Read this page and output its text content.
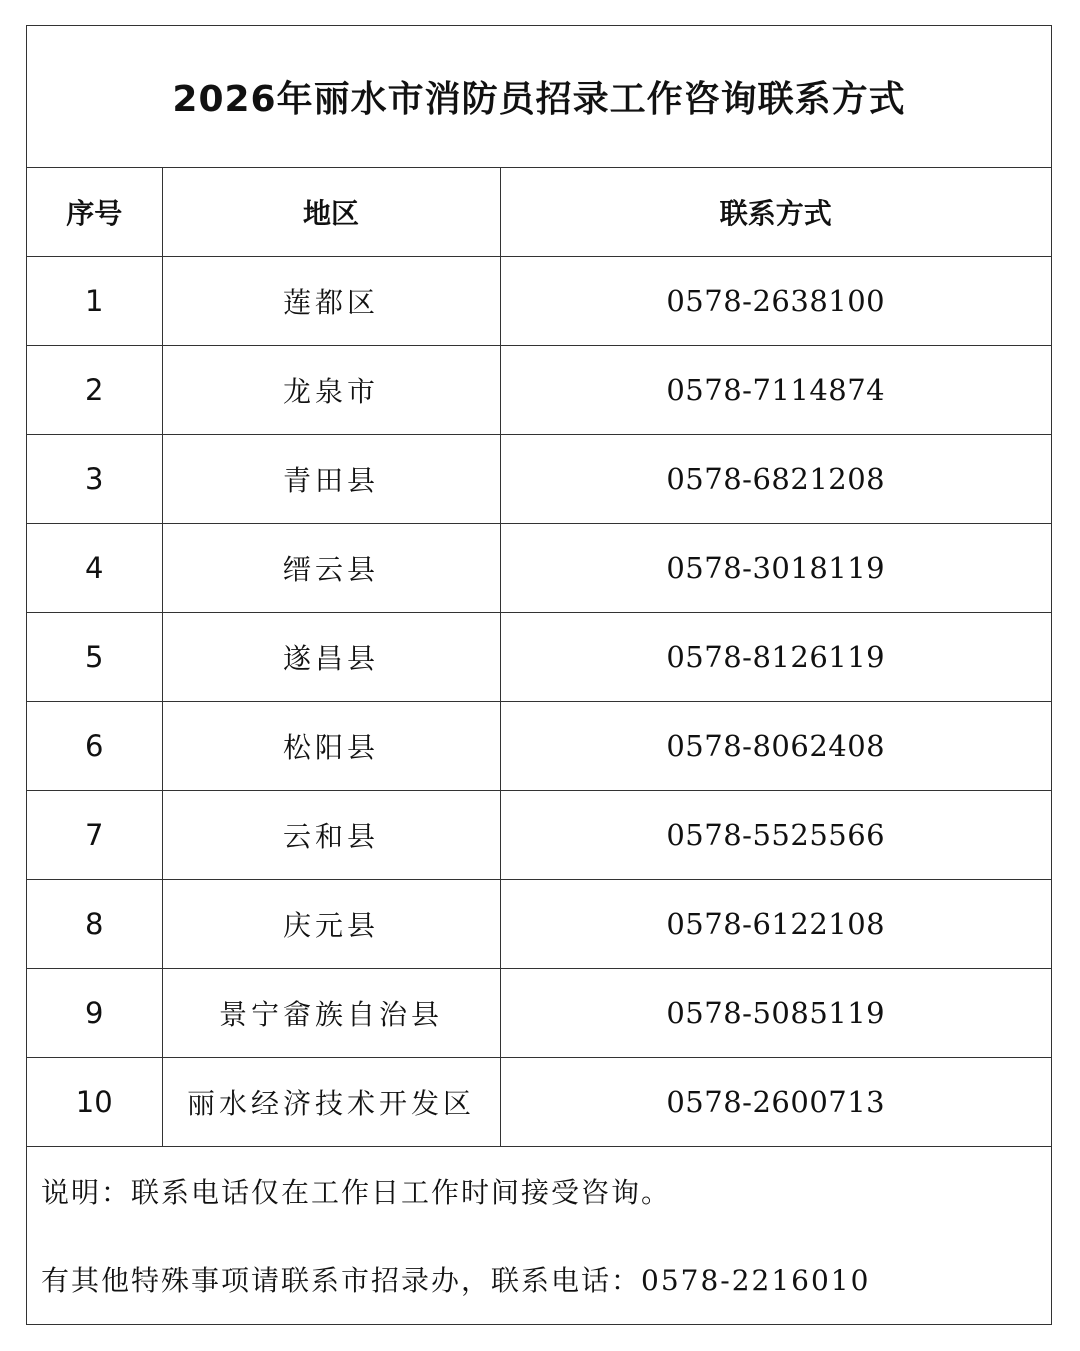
2026年丽水市消防员招录工作咨询联系方式
序号	地区	联系方式
1	莲都区	0578-2638100
2	龙泉市	0578-7114874
3	青田县	0578-6821208
4	缙云县	0578-3018119
5	遂昌县	0578-8126119
6	松阳县	0578-8062408
7	云和县	0578-5525566
8	庆元县	0578-6122108
9	景宁畲族自治县	0578-5085119
10	丽水经济技术开发区	0578-2600713
说明：联系电话仅在工作日工作时间接受咨询。
有其他特殊事项请联系市招录办，联系电话：0578-2216010
